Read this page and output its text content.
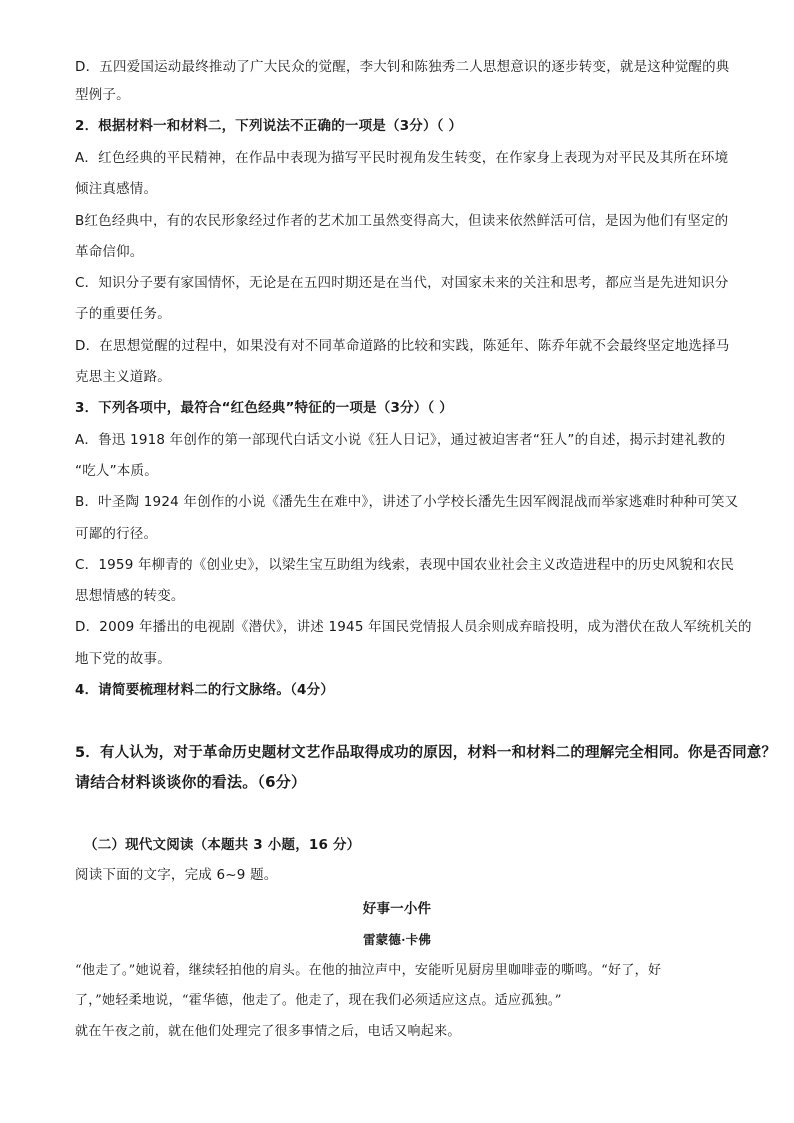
D．五四爱国运动最终推动了广大民众的觉醒，李大钊和陈独秀二人思想意识的逐步转变，就是这种觉醒的典
型例子。
2．根据材料一和材料二，下列说法不正确的一项是（3分）（ ）
A．红色经典的平民精神，在作品中表现为描写平民时视角发生转变，在作家身上表现为对平民及其所在环境
倾注真感情。
B红色经典中，有的农民形象经过作者的艺术加工虽然变得高大，但读来依然鲜活可信，是因为他们有坚定的
革命信仰。
C．知识分子要有家国情怀，无论是在五四时期还是在当代，对国家未来的关注和思考，都应当是先进知识分
子的重要任务。
D．在思想觉醒的过程中，如果没有对不同革命道路的比较和实践，陈延年、陈乔年就不会最终坚定地选择马
克思主义道路。
3．下列各项中，最符合“红色经典”特征的一项是（3分）（ ）
A．鲁迅 1918 年创作的第一部现代白话文小说《狂人日记》，通过被迫害者“狂人”的自述，揭示封建礼教的
“吃人”本质。
B．叶圣陶 1924 年创作的小说《潘先生在难中》，讲述了小学校长潘先生因军阀混战而举家逃难时种种可笑又
可鄙的行径。
C．1959 年柳青的《创业史》，以梁生宝互助组为线索，表现中国农业社会主义改造进程中的历史风貌和农民
思想情感的转变。
D．2009 年播出的电视剧《潜伏》，讲述 1945 年国民党情报人员余则成弃暗投明，成为潜伏在敌人军统机关的
地下党的故事。
4．请简要梳理材料二的行文脉络。（4分）
5．有人认为，对于革命历史题材文艺作品取得成功的原因，材料一和材料二的理解完全相同。你是否同意？
请结合材料谈谈你的看法。（6分）
（二）现代文阅读（本题共 3 小题，16 分）
阅读下面的文字，完成 6~9 题。
好事一小件
雷蒙德·卡佛
“他走了。”她说着，继续轻拍他的肩头。在他的抽泣声中，安能听见厨房里咖啡壶的嘶鸣。“好了，好
了，”她轻柔地说，“霍华德，他走了。他走了，现在我们必须适应这点。适应孤独。”
就在午夜之前，就在他们处理完了很多事情之后，电话又响起来。
